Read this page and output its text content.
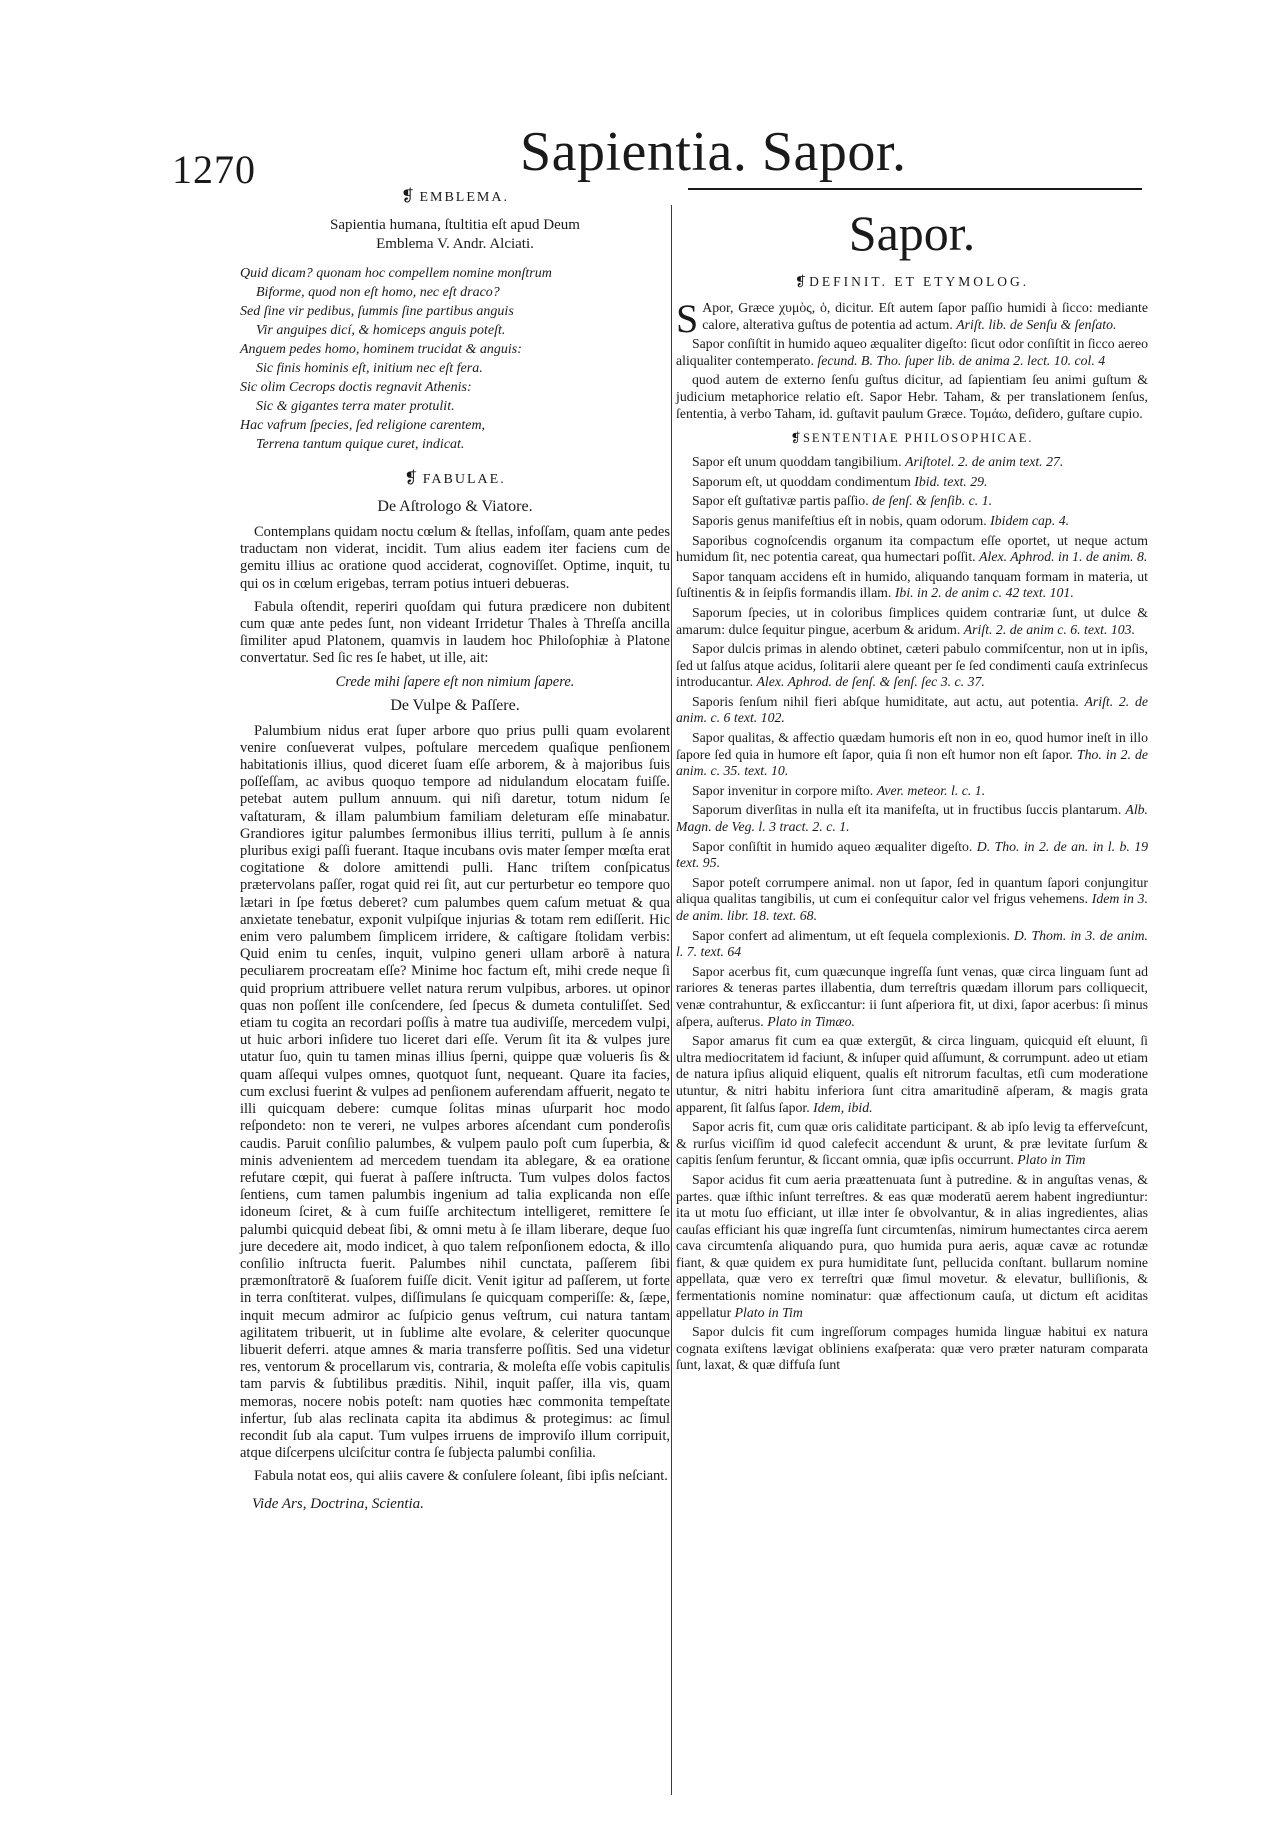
1270	Sapientia. Sapor.
❡ EMBLEMA.
Sapientia humana, ſtultitia eſt apud Deum
Emblema V. Andr. Alciati.
Quid dicam? quonam hoc compellem nomine monſtrum
Biforme, quod non eſt homo, nec eſt draco?
Sed ſine vir pedibus, ſummis ſine partibus anguis
Vir anguipes dicí, & homiceps anguis poteſt.
Anguem pedes homo, hominem trucidat & anguis:
Sic finis hominis eſt, initium nec eſt fera.
Sic olim Cecrops doctis regnavit Athenis:
Sic & gigantes terra mater protulit.
Hac vafrum ſpecies, ſed religione carentem,
Terrena tantum quique curet, indicat.
❡ FABULAE.
De Aſtrologo & Viatore.

Contemplans quidam noctu cœlum & ſtellas, infoſſam, quam ante pedes traductam non viderat, incidit. Tum alius eadem iter faciens cum de gemitu illius ac oratione quod acciderat, cognoviſſet. Optime, inquit, tu qui os in cœlum erigebas, terram potius intueri debueras.

Fabula oſtendit, reperiri quoſdam qui futura prædicere non dubitent cum quæ ante pedes ſunt, non videant Irridetur Thales à Threſſa ancilla ſimiliter apud Platonem, quamvis in laudem hoc Philoſophiæ à Platone convertatur. Sed ſic res ſe habet, ut ille, ait:

Crede mihi ſapere eſt non nimium ſapere.
De Vulpe & Paſſere.

Palumbium nidus erat ſuper arbore quo prius pulli quam evolarent venire conſueverat vulpes, poſtulare mercedem quaſique penſionem habitationis illius, quod diceret ſuam eſſe arborem, & à majoribus ſuis poſſeſſam, ac avibus quoquo tempore ad nidulandum elocatam fuiſſe. petebat autem pullum annuum. qui niſi daretur, totum nidum ſe vaſtaturam, & illam palumbium familiam deleturam eſſe minabatur. Grandiores igitur palumbes ſermonibus illius territi, pullum à ſe annis pluribus exigi paſſi fuerant. Itaque incubans ovis mater ſemper mœſta erat cogitatione & dolore amittendi pulli. Hanc triſtem conſpicatus prætervolans paſſer, rogat quid rei ſit, aut cur perturbetur eo tempore quo lætari in ſpe fœtus deberet? cum palumbes quem caſum metuat & qua anxietate tenebatur, exponit vulpiſque injurias & totam rem ediſſerit. Hic enim vero palumbem ſimplicem irridere, & caſtigare ſtolidam verbis: Quid enim tu cenſes, inquit, vulpino generi ullam arborē à natura peculiarem procreatam eſſe? Minime hoc factum eſt, mihi crede neque ſi quid proprium attribuere vellet natura rerum vulpibus, arbores. ut opinor quas non poſſent ille conſcendere, ſed ſpecus & dumeta contuliſſet. Sed etiam tu cogita an recordari poſſis à matre tua audiviſſe, mercedem vulpi, ut huic arbori inſidere tuo liceret dari eſſe. Verum ſit ita & vulpes jure utatur ſuo, quin tu tamen minas illius ſperni, quippe quæ volueris ſis & quam aſſequi vulpes omnes, quotquot ſunt, nequeant. Quare ita facies, cum exclusi fuerint & vulpes ad penſionem auferendam affuerit, negato te illi quicquam debere: cumque ſolitas minas uſurparit hoc modo reſpondeto: non te vereri, ne vulpes arbores aſcendant cum ponderoſis caudis. Paruit conſilio palumbes, & vulpem paulo poſt cum ſuperbia, & minis advenientem ad mercedem tuendam ita ablegare, & ea oratione refutare cœpit, qui fuerat à paſſere inſtructa. Tum vulpes dolos factos ſentiens, cum tamen palumbis ingenium ad talia explicanda non eſſe idoneum ſciret, & à cum fuiſſe architectum intelligeret, remittere ſe palumbi quicquid debeat ſibi, & omni metu à ſe illam liberare, deque ſuo jure decedere ait, modo indicet, à quo talem reſponſionem edocta, & illo conſilio inſtructa fuerit. Palumbes nihil cunctata, paſſerem ſibi præmonſtratorē & ſuaſorem fuiſſe dicit. Venit igitur ad paſſerem, ut forte in terra conſtiterat. vulpes, diſſimulans ſe quicquam comperiſſe: &, ſæpe, inquit mecum admiror ac ſuſpicio genus veſtrum, cui natura tantam agilitatem tribuerit, ut in ſublime alte evolare, & celeriter quocunque libuerit deferri. atque amnes & maria transferre poſſitis. Sed una videtur res, ventorum & procellarum vis, contraria, & moleſta eſſe vobis capitulis tam parvis & ſubtilibus præditis. Nihil, inquit paſſer, illa vis, quam memoras, nocere nobis poteſt: nam quoties hæc commonita tempeſtate infertur, ſub alas reclinata capita ita abdimus & protegimus: ac ſimul recondit ſub ala caput. Tum vulpes irruens de improviſo illum corripuit, atque diſcerpens ulciſcitur contra ſe ſubjecta palumbi conſilia.

Fabula notat eos, qui aliis cavere & conſulere ſoleant, ſibi ipſis neſciant.

Vide Ars, Doctrina, Scientia.
Sapor.
❡DEFINIT. ET ETYMOLOG.

S Apor, Græce χυμὸς, ὁ, dicitur. Eſt autem ſapor paſſio humidi à ſicco: mediante calore, alterativa guſtus de potentia ad actum. Ariſt. lib. de Senſu & ſenſato.

Sapor conſiſtit in humido aqueo æqualiter digeſto: ſicut odor conſiſtit in ſicco aereo aliqualiter contemperato. ſecund. B. Tho. ſuper lib. de anima 2. lect. 10. col. 4

quod autem de externo ſenſu guſtus dicitur, ad ſapientiam ſeu animi guſtum & judicium metaphorice relatio eſt. Sapor Hebr. Taham, & per translationem ſenſus, ſententia, à verbo Taham, id. guſtavit paulum Græce. Τομάω, deſidero, guſtare cupio.

❡SENTENTIAE PHILOSOPHICAE.

Sapor eſt unum quoddam tangibilium. Ariſtotel. 2. de anim text. 27.

Saporum eſt, ut quoddam condimentum Ibid. text. 29.

Sapor eſt guſtativæ partis paſſio. de ſenſ. & ſenſib. c. 1.

Saporis genus manifeſtius eſt in nobis, quam odorum. Ibidem cap. 4.

Saporibus cognoſcendis organum ita compactum eſſe oportet, ut neque actum humidum ſit, nec potentia careat, qua humectari poſſit. Alex. Aphrod. in 1. de anim. 8.

Sapor tanquam accidens eſt in humido, aliquando tanquam formam in materia, ut ſuſtinentis & in ſeipſis formandis illam. Ibi. in 2. de anim c. 42 text. 101.

Saporum ſpecies, ut in coloribus ſimplices quidem contrariæ ſunt, ut dulce & amarum: dulce ſequitur pingue, acerbum & aridum. Ariſt. 2. de anim c. 6. text. 103.

Sapor dulcis primas in alendo obtinet, cæteri pabulo commiſcentur, non ut in ipſis, ſed ut ſalſus atque acidus, ſolitarii alere queant per ſe ſed condimenti cauſa extrinſecus introducantur. Alex. Aphrod. de ſenſ. & ſenſ. ſec 3. c. 37.

Saporis ſenſum nihil fieri abſque humiditate, aut actu, aut potentia. Ariſt. 2. de anim. c. 6 text. 102.

Sapor qualitas, & affectio quædam humoris eſt non in eo, quod humor ineſt in illo ſapore ſed quia in humore eſt ſapor, quia ſi non eſt humor non eſt ſapor. Tho. in 2. de anim. c. 35. text. 10.

Sapor invenitur in corpore miſto. Aver. meteor. l. c. 1.

Saporum diverſitas in nulla eſt ita manifeſta, ut in fructibus ſuccis plantarum. Alb. Magn. de Veg. l. 3 tract. 2. c. 1.

Sapor conſiſtit in humido aqueo æqualiter digeſto. D. Tho. in 2. de an. in l. b. 19 text. 95.

Sapor poteſt corrumpere animal. non ut ſapor, ſed in quantum ſapori conjungitur aliqua qualitas tangibilis, ut cum ei conſequitur calor vel frigus vehemens. Idem in 3. de anim. libr. 18. text. 68.

Sapor confert ad alimentum, ut eſt ſequela complexionis. D. Thom. in 3. de anim. l. 7. text. 64

Sapor acerbus fit, cum quæcunque ingreſſa ſunt venas, quæ circa linguam ſunt ad rariores & teneras partes illabentia, dum terreſtris quædam illorum pars colliquecit, venæ contrahuntur, & exſiccantur: ii ſunt aſperiora fit, ut dixi, ſapor acerbus: ſi minus aſpera, auſterus. Plato in Timæo.

Sapor amarus fit cum ea quæ extergūt, & circa linguam, quicquid eſt eluunt, ſi ultra mediocritatem id faciunt, & inſuper quid aſſumunt, & corrumpunt. adeo ut etiam de natura ipſius aliquid eliquent, qualis eſt nitrorum facultas, etſi cum moderatione utuntur, & nitri habitu inferiora ſunt citra amaritudinē aſperam, & magis grata apparent, ſit ſalſus ſapor. Idem, ibid.

Sapor acris fit, cum quæ oris caliditate participant. & ab ipſo levig ta efferveſcunt, & rurſus viciſſim id quod calefecit accendunt & urunt, & præ levitate ſurſum & capitis ſenſum feruntur, & ſiccant omnia, quæ ipſis occurrunt. Plato in Tim

Sapor acidus fit cum aeria præattenuata ſunt à putredine. & in anguſtas venas, & partes. quæ iſthic inſunt terreſtres. & eas quæ moderatū aerem habent ingrediuntur: ita ut motu ſuo efficiant, ut illæ inter ſe obvolvantur, & in alias ingredientes, alias cauſas efficiant his quæ ingreſſa ſunt circumtenſas, nimirum humectantes circa aerem cava circumtenſa aliquando pura, quo humida pura aeris, aquæ cavæ ac rotundæ fiant, & quæ quidem ex pura humiditate ſunt, pellucida conſtant. bullarum nomine appellata, quæ vero ex terreſtri quæ ſimul movetur. & elevatur, bulliſionis, & fermentationis nomine nominatur: quæ affectionum cauſa, ut dictum eſt aciditas appellatur Plato in Tim

Sapor dulcis fit cum ingreſſorum compages humida linguæ habitui ex natura cognata exiſtens lævigat obliniens exaſperata: quæ vero præter naturam comparata ſunt, laxat, & quæ diffuſa ſunt
